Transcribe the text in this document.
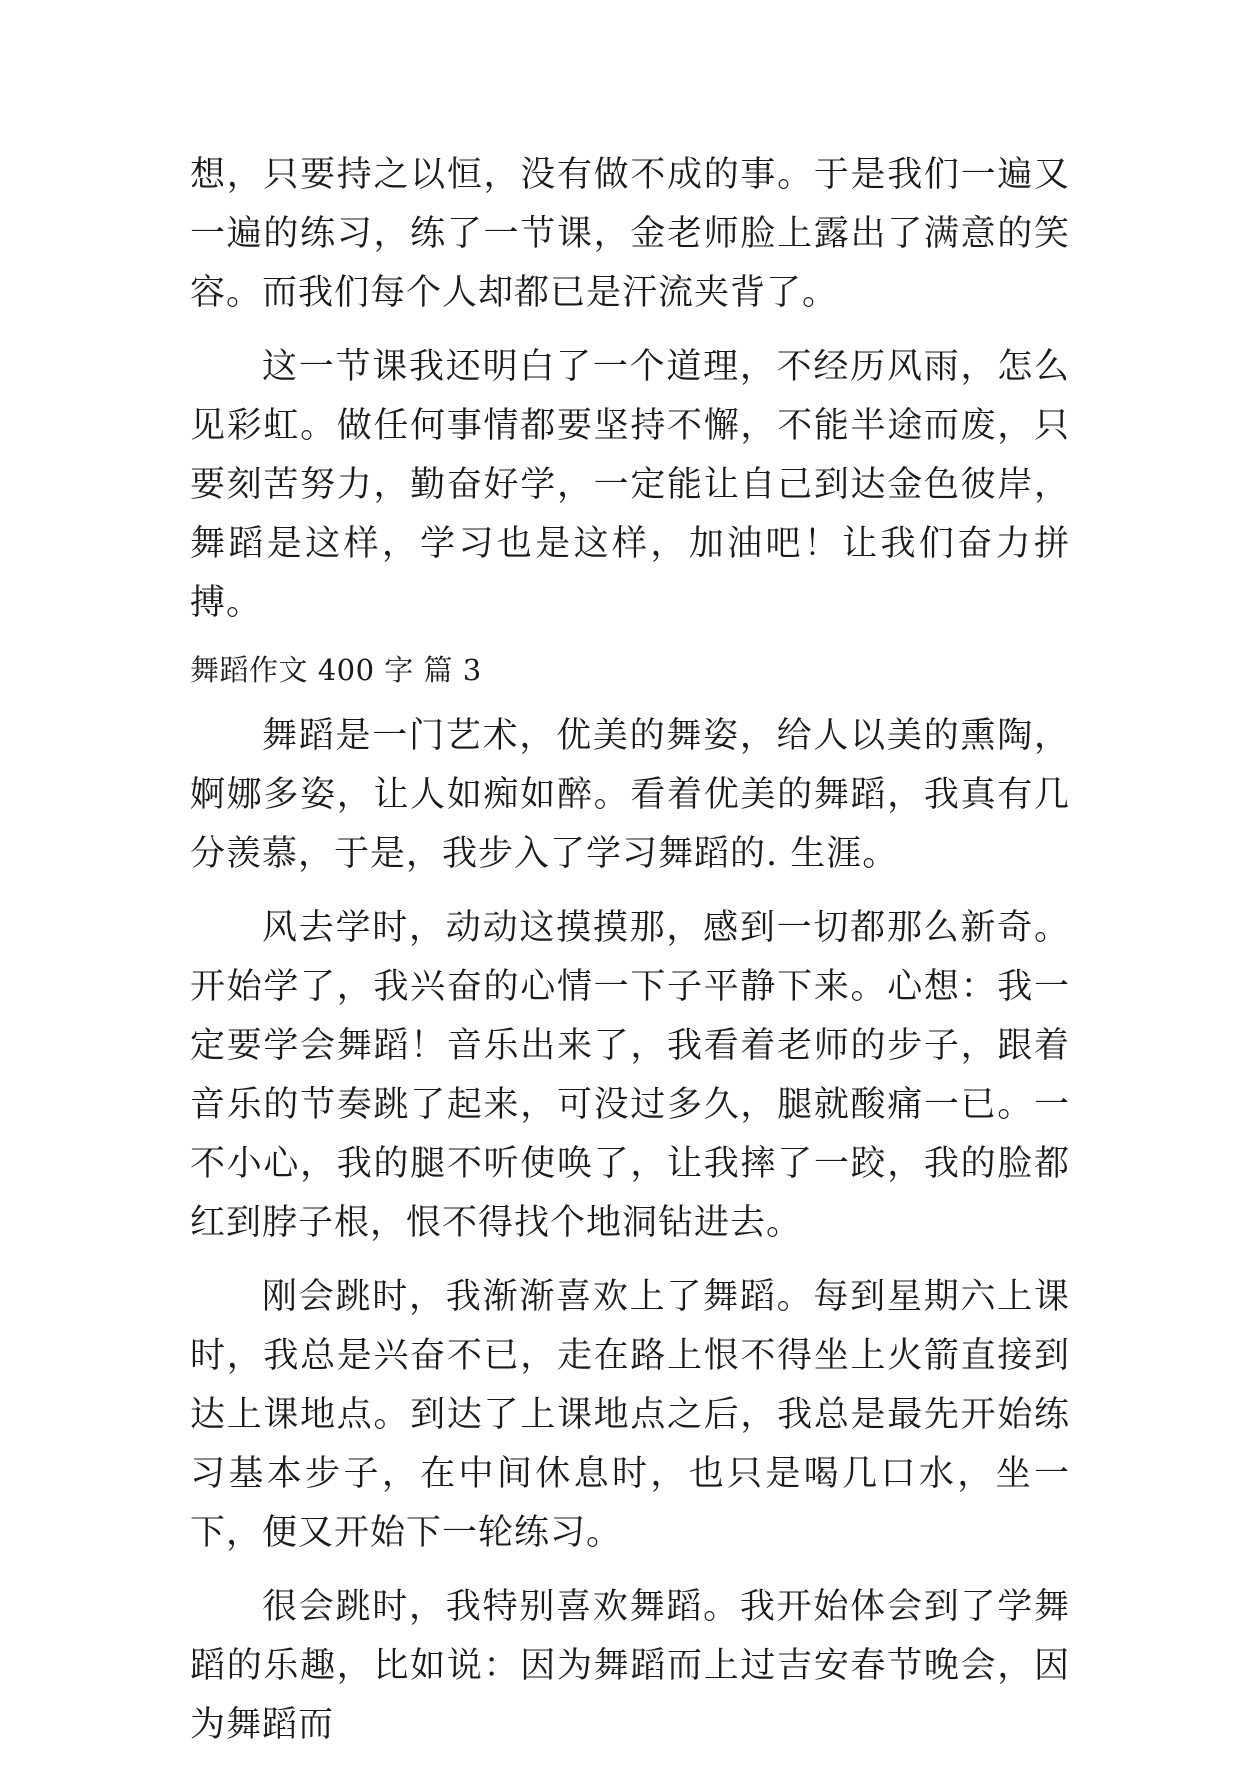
想，只要持之以恒，没有做不成的事。于是我们一遍又一遍的练习，练了一节课，金老师脸上露出了满意的笑容。而我们每个人却都已是汗流夹背了。

这一节课我还明白了一个道理，不经历风雨，怎么见彩虹。做任何事情都要坚持不懈，不能半途而废，只要刻苦努力，勤奋好学，一定能让自己到达金色彼岸，舞蹈是这样，学习也是这样，加油吧！让我们奋力拼搏。

舞蹈作文 400 字 篇 3

舞蹈是一门艺术，优美的舞姿，给人以美的熏陶，婀娜多姿，让人如痴如醉。看着优美的舞蹈，我真有几分羡慕，于是，我步入了学习舞蹈的. 生涯。

风去学时，动动这摸摸那，感到一切都那么新奇。开始学了，我兴奋的心情一下子平静下来。心想：我一定要学会舞蹈！音乐出来了，我看着老师的步子，跟着音乐的节奏跳了起来，可没过多久，腿就酸痛一已。一不小心，我的腿不听使唤了，让我摔了一跤，我的脸都红到脖子根，恨不得找个地洞钻进去。

刚会跳时，我渐渐喜欢上了舞蹈。每到星期六上课时，我总是兴奋不已，走在路上恨不得坐上火箭直接到达上课地点。到达了上课地点之后，我总是最先开始练习基本步子，在中间休息时，也只是喝几口水，坐一下，便又开始下一轮练习。

很会跳时，我特别喜欢舞蹈。我开始体会到了学舞蹈的乐趣，比如说：因为舞蹈而上过吉安春节晚会，因为舞蹈而
